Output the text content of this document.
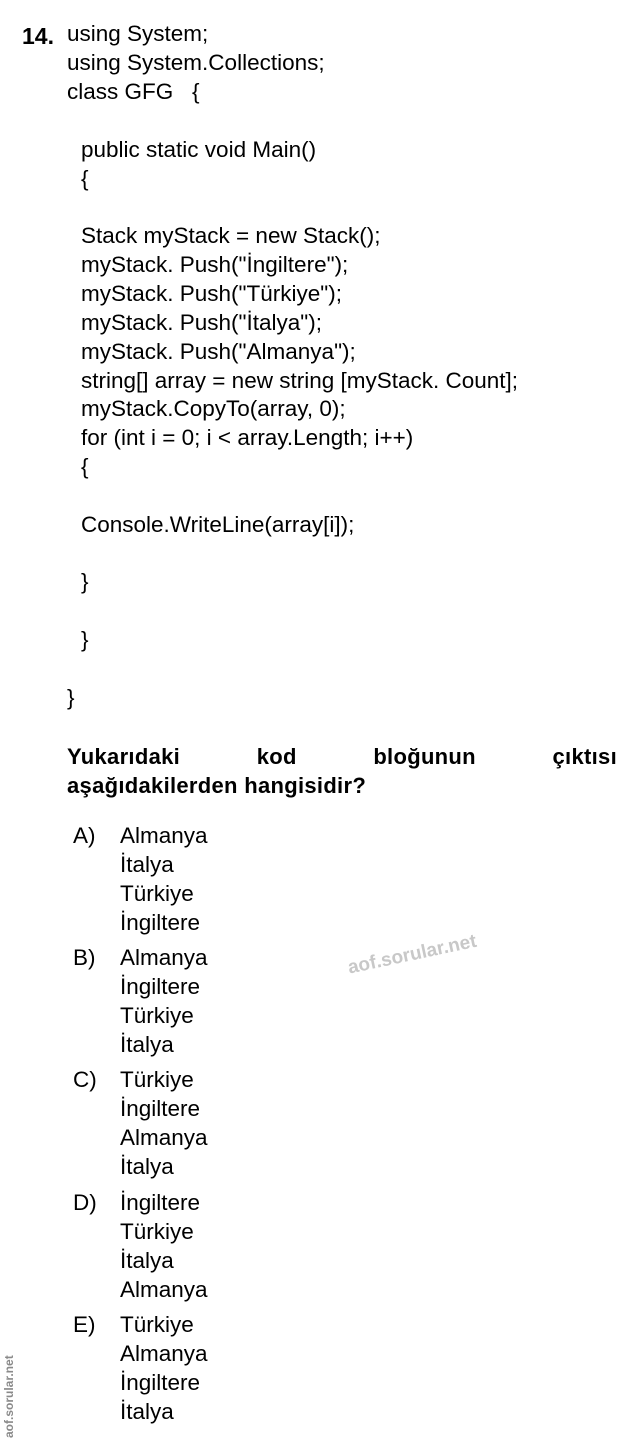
14. using System;
using System.Collections;
class GFG   {
public static void Main()
{
Stack myStack = new Stack();
myStack. Push("İngiltere");
myStack. Push("Türkiye");
myStack. Push("İtalya");
myStack. Push("Almanya");
string[] array = new string [myStack. Count];
myStack.CopyTo(array, 0);
for (int i = 0; i < array.Length; i++)
{
Console.WriteLine(array[i]);
}
}
}
Yukarıdaki	kod	bloğunun	çıktısı
aşağıdakilerden hangisidir?
A) Almanya
İtalya
Türkiye
İngiltere
B) Almanya
İngiltere
Türkiye
İtalya
C) Türkiye
İngiltere
Almanya
İtalya
D) İngiltere
Türkiye
İtalya
Almanya
E) Türkiye
Almanya
İngiltere
İtalya
aof.sorular.net
aof.sorular.net
